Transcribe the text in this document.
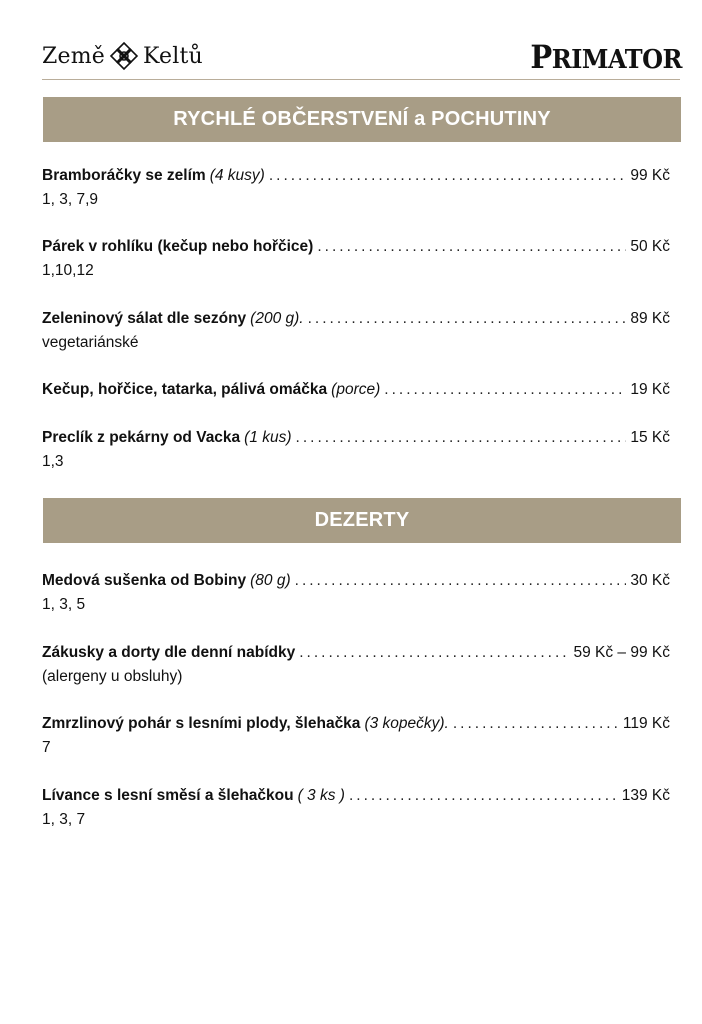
Země Keltů	PRIMATOR
RYCHLÉ OBČERSTVENÍ a POCHUTINY
Bramboráčky se zelím (4 kusy) .....	99 Kč
1, 3, 7,9
Párek v rohlíku (kečup nebo hořčice) .....	50 Kč
1,10,12
Zeleninový sálat dle sezóny (200 g). .....	89 Kč
vegetariánské
Kečup, hořčice, tatarka, pálivá omáčka (porce) .....	19 Kč
Preclík z pekárny od Vacka (1 kus) .....	15 Kč
1,3
DEZERTY
Medová sušenka od Bobiny (80 g) .....	30 Kč
1, 3, 5
Zákusky a dorty dle denní nabídky .....	59 Kč – 99 Kč
(alergeny u obsluhy)
Zmrzlinový pohár s lesními plody, šlehačka (3 kopečky). .....	119 Kč
7
Lívance s lesní směsí a šlehačkou ( 3 ks ) .....	139 Kč
1, 3, 7
